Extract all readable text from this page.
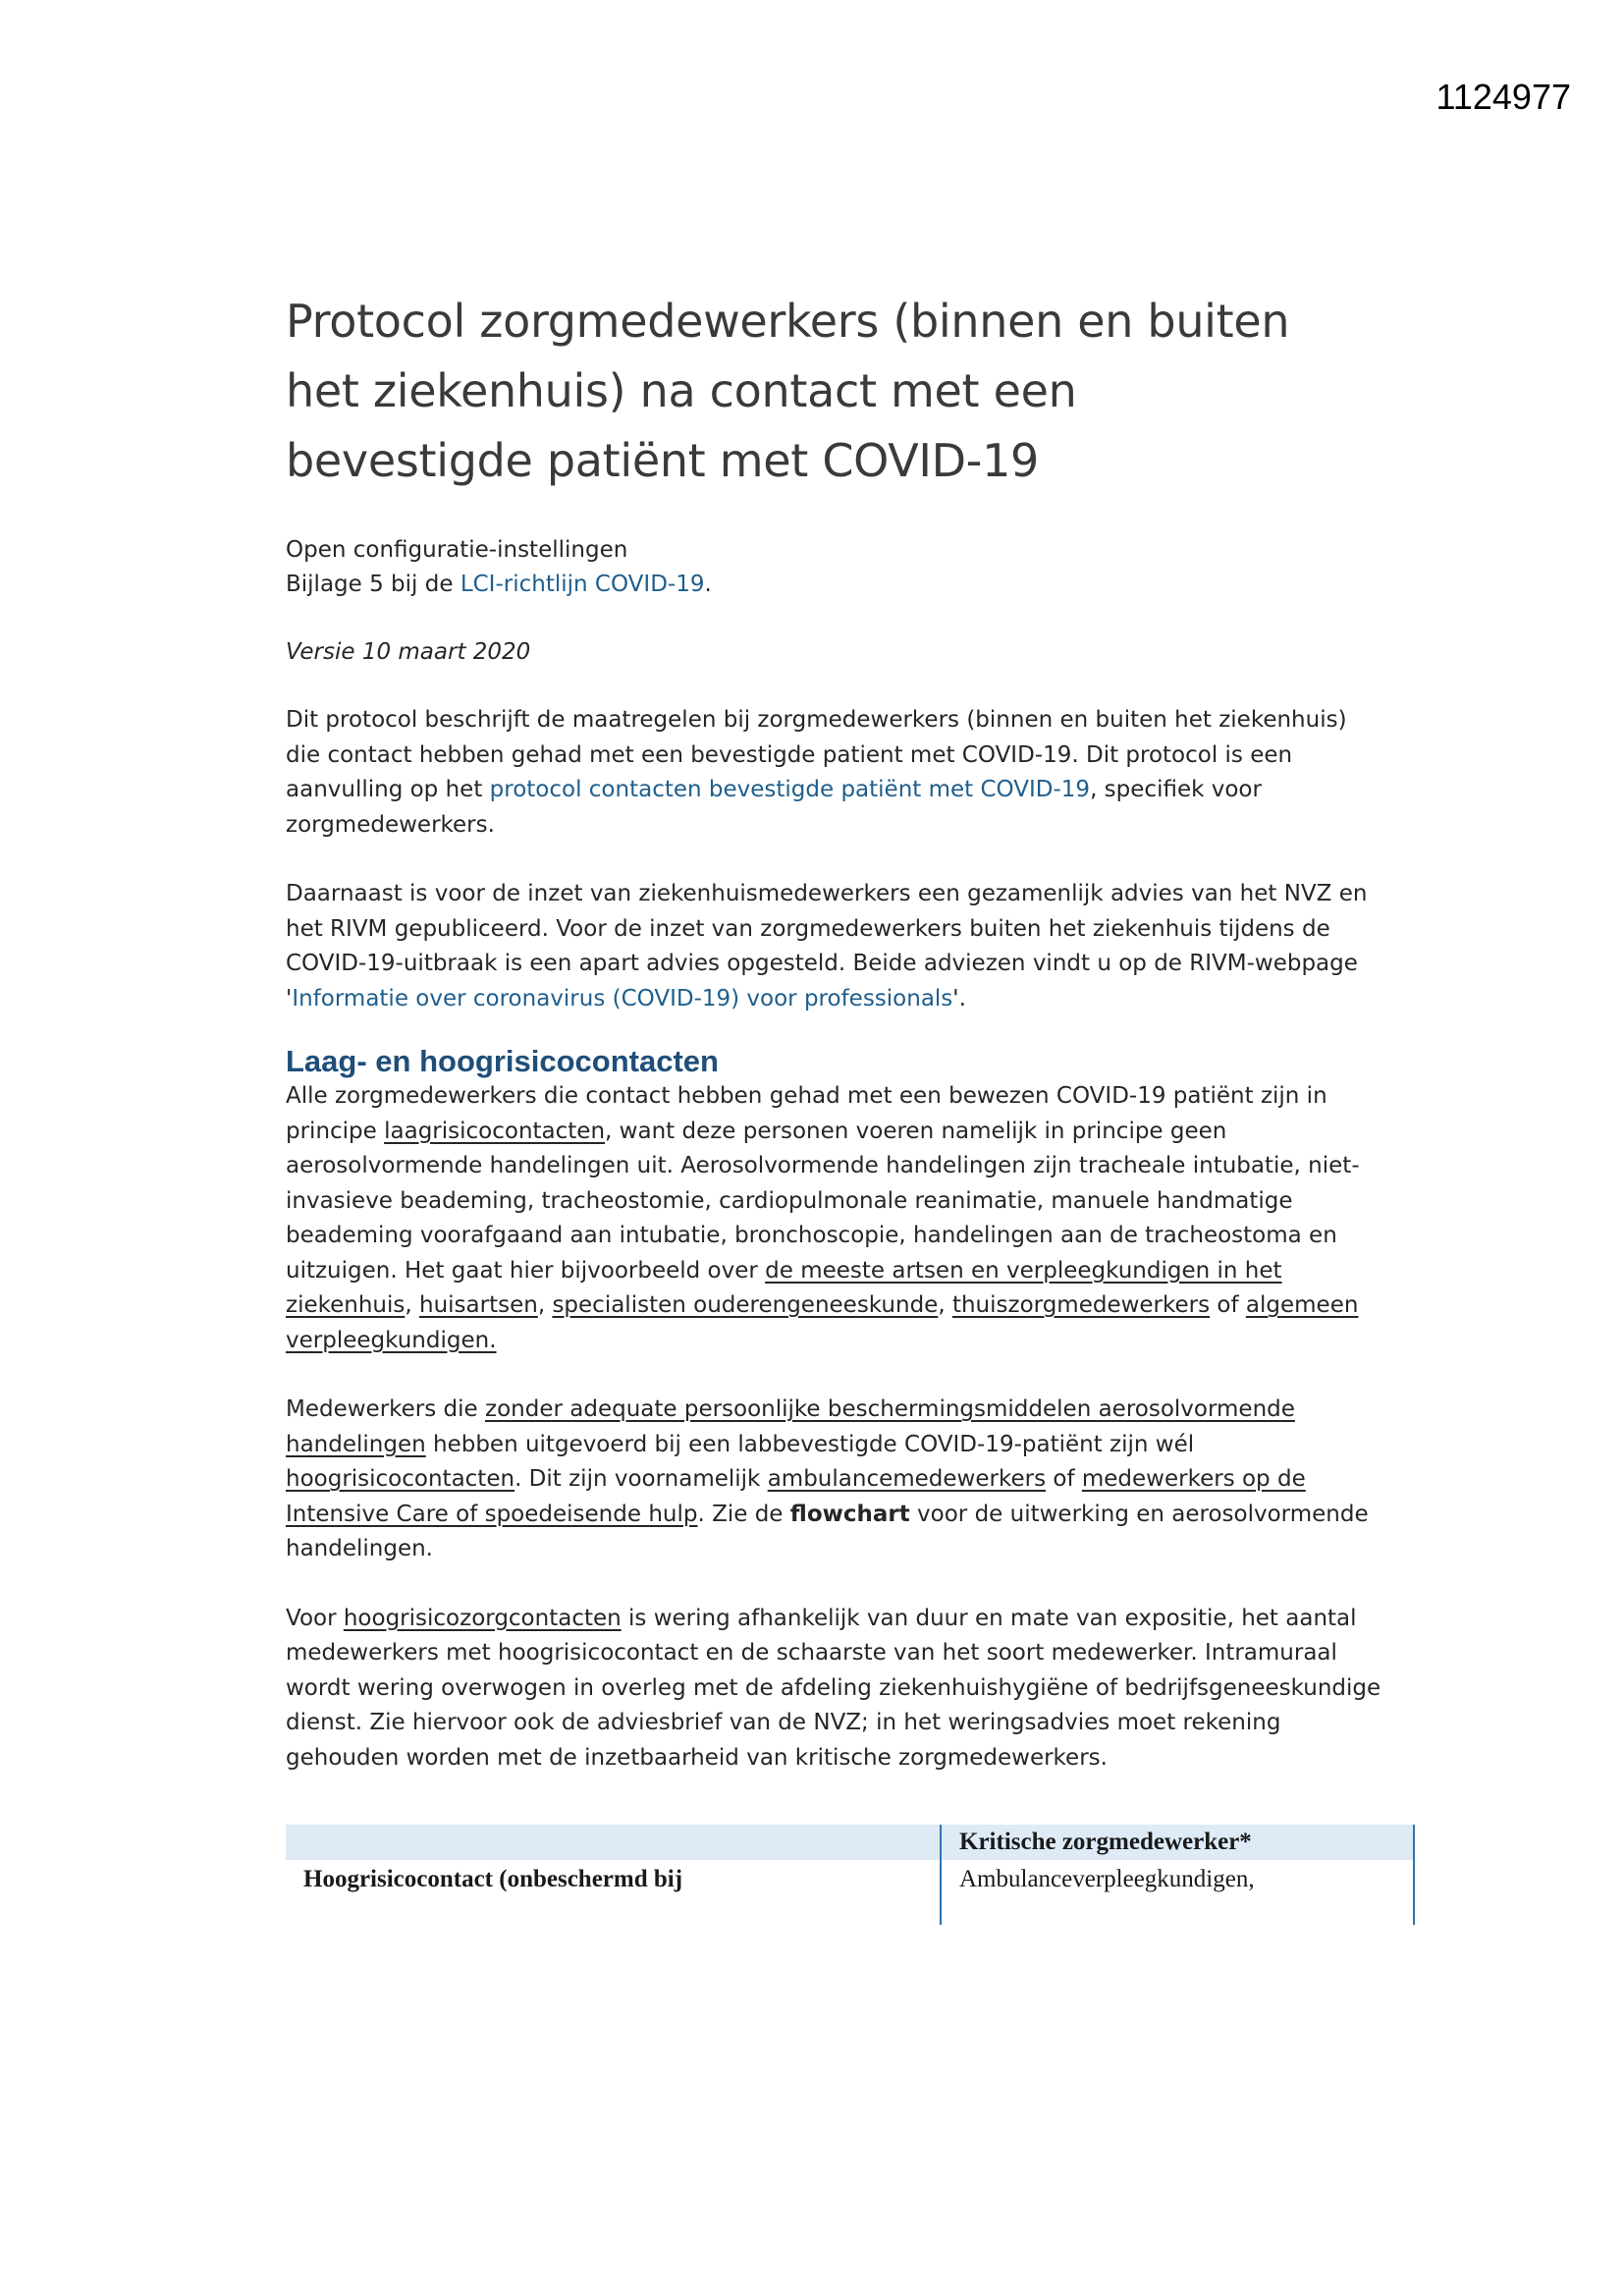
1124977
Protocol zorgmedewerkers (binnen en buiten
het ziekenhuis) na contact met een
bevestigde patiënt met COVID-19
Open configuratie-instellingen
Bijlage 5 bij de LCI-richtlijn COVID-19.
Versie 10 maart 2020

Dit protocol beschrijft de maatregelen bij zorgmedewerkers (binnen en buiten het ziekenhuis) die contact hebben gehad met een bevestigde patient met COVID-19. Dit protocol is een aanvulling op het protocol contacten bevestigde patiënt met COVID-19, specifiek voor zorgmedewerkers.

Daarnaast is voor de inzet van ziekenhuismedewerkers een gezamenlijk advies van het NVZ en het RIVM gepubliceerd. Voor de inzet van zorgmedewerkers buiten het ziekenhuis tijdens de COVID-19-uitbraak is een apart advies opgesteld. Beide adviezen vindt u op de RIVM-webpage 'Informatie over coronavirus (COVID-19) voor professionals'.

Laag- en hoogrisicocontacten

Alle zorgmedewerkers die contact hebben gehad met een bewezen COVID-19 patiënt zijn in principe laagrisicocontacten, want deze personen voeren namelijk in principe geen aerosolvormende handelingen uit. Aerosolvormende handelingen zijn tracheale intubatie, niet-invasieve beademing, tracheostomie, cardiopulmonale reanimatie, manuele handmatige beademing voorafgaand aan intubatie, bronchoscopie, handelingen aan de tracheostoma en uitzuigen. Het gaat hier bijvoorbeeld over de meeste artsen en verpleegkundigen in het ziekenhuis, huisartsen, specialisten ouderengeneeskunde, thuiszorgmedewerkers of algemeen verpleegkundigen.

Medewerkers die zonder adequate persoonlijke beschermingsmiddelen aerosolvormende handelingen hebben uitgevoerd bij een labbevestigde COVID-19-patiënt zijn wél hoogrisicocontacten. Dit zijn voornamelijk ambulancemedewerkers of medewerkers op de Intensive Care of spoedeisende hulp. Zie de flowchart voor de uitwerking en aerosolvormende handelingen.

Voor hoogrisicozorgcontacten is wering afhankelijk van duur en mate van expositie, het aantal medewerkers met hoogrisicocontact en de schaarste van het soort medewerker. Intramuraal wordt wering overwogen in overleg met de afdeling ziekenhuishygiëne of bedrijfsgeneeskundige dienst. Zie hiervoor ook de adviesbrief van de NVZ; in het weringsadvies moet rekening gehouden worden met de inzetbaarheid van kritische zorgmedewerkers.

	Kritische zorgmedewerker*
Hoogrisicocontact (onbeschermd bij	Ambulanceverpleegkundigen,
